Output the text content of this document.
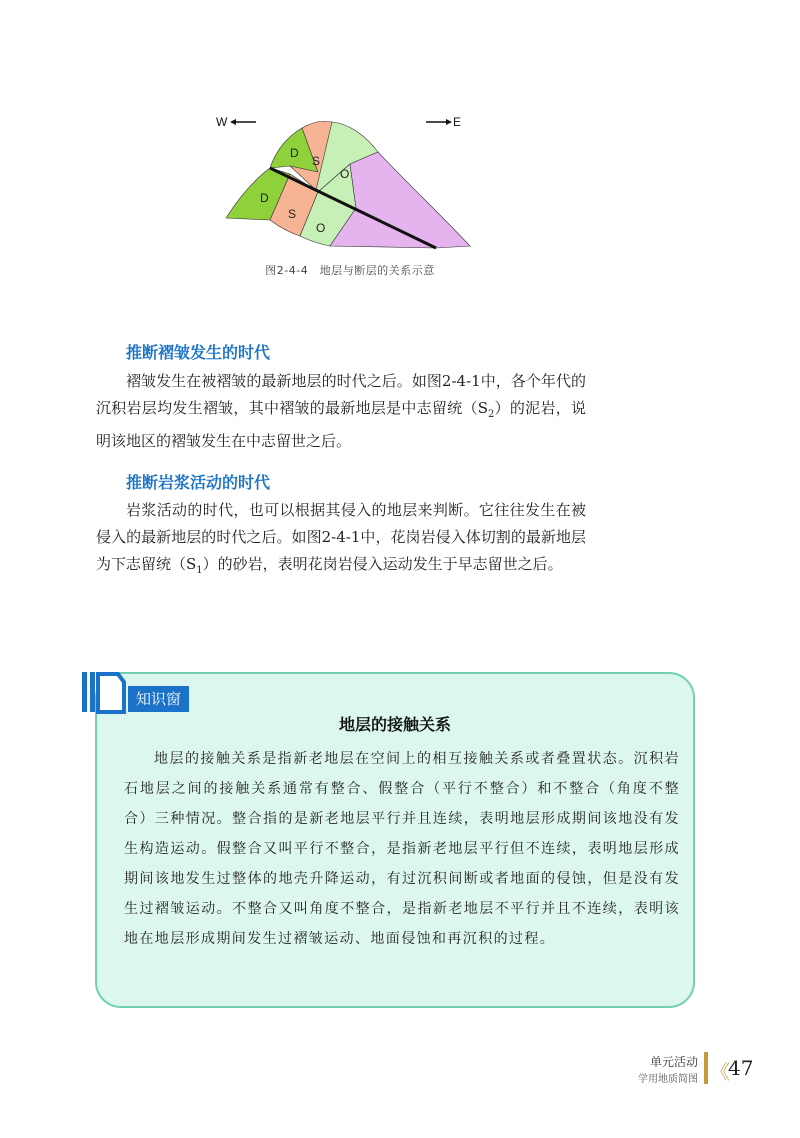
W	E
D
S
O
D
S
O
图2-4-4　地层与断层的关系示意
推断褶皱发生的时代
褶皱发生在被褶皱的最新地层的时代之后。如图2-4-1中，各个年代的沉积岩层均发生褶皱，其中褶皱的最新地层是中志留统$(S_2)$的泥岩，说明该地区的褶皱发生在中志留世之后。
推断岩浆活动的时代
岩浆活动的时代，也可以根据其侵入的地层来判断。它往往发生在被侵入的最新地层的时代之后。如图2-4-1中，花岗岩侵入体切割的最新地层为下志留统$(S_1)$的砂岩，表明花岗岩侵入运动发生于早志留世之后。
知识窗
地层的接触关系
地层的接触关系是指新老地层在空间上的相互接触关系或者叠置状态。沉积岩石地层之间的接触关系通常有整合、假整合（平行不整合）和不整合（角度不整合）三种情况。整合指的是新老地层平行并且连续，表明地层形成期间该地没有发生构造运动。假整合又叫平行不整合，是指新老地层平行但不连续，表明地层形成期间该地发生过整体的地壳升降运动，有过沉积间断或者地面的侵蚀，但是没有发生过褶皱运动。不整合又叫角度不整合，是指新老地层不平行并且不连续，表明该地在地层形成期间发生过褶皱运动、地面侵蚀和再沉积的过程。
单元活动
学用地质简图 《 47
